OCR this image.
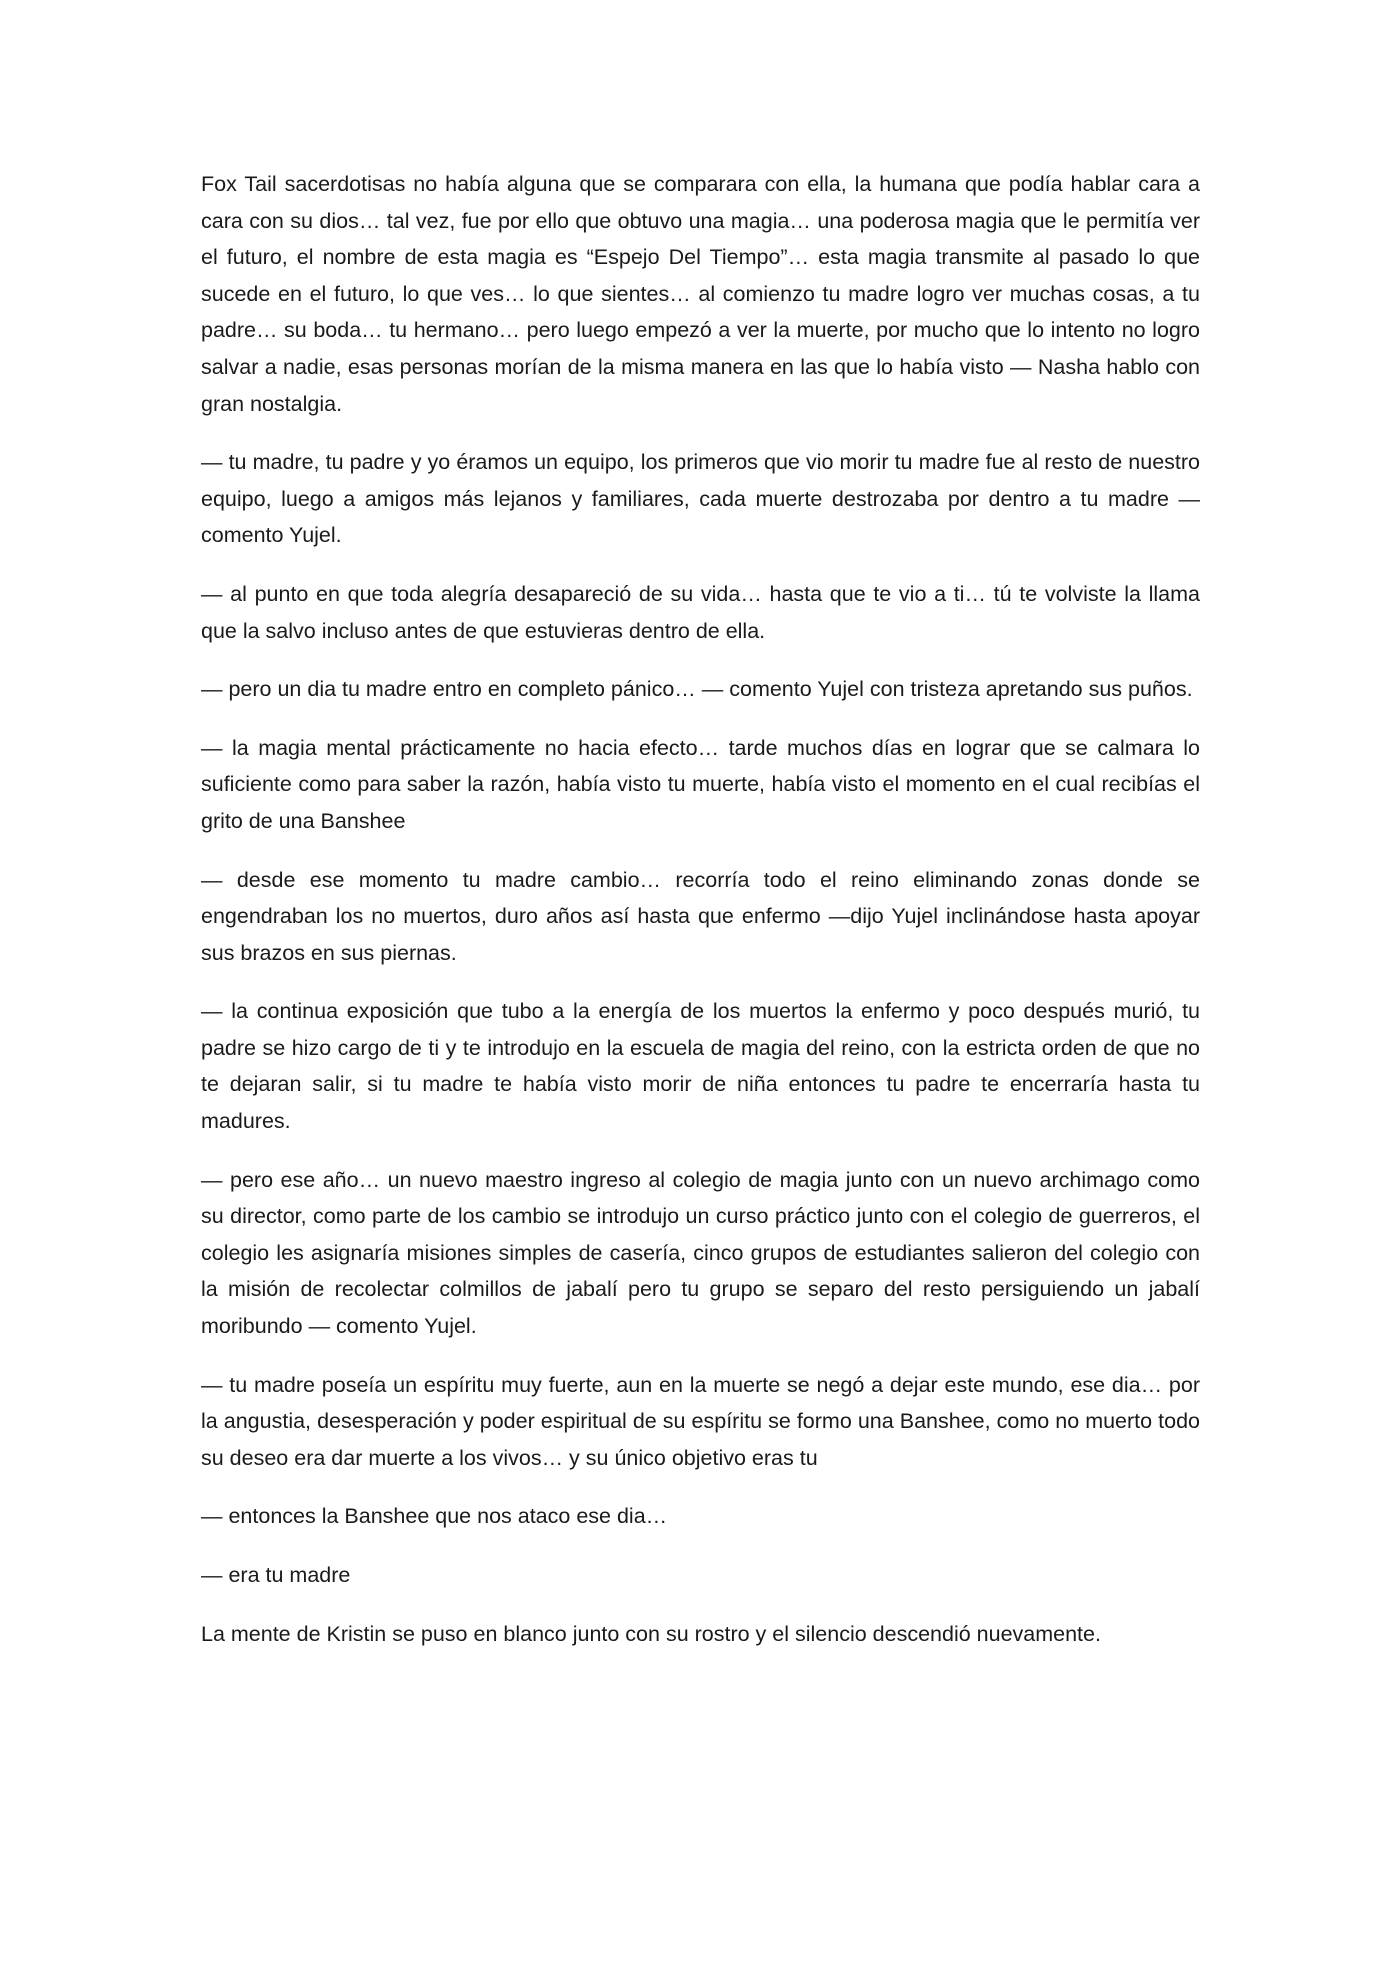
Fox Tail sacerdotisas no había alguna que se comparara con ella, la humana que podía hablar cara a cara con su dios… tal vez, fue por ello que obtuvo una magia… una poderosa magia que le permitía ver el futuro, el nombre de esta magia es “Espejo Del Tiempo”… esta magia transmite al pasado lo que sucede en el futuro, lo que ves… lo que sientes… al comienzo tu madre logro ver muchas cosas, a tu padre… su boda… tu hermano… pero luego empezó a ver la muerte, por mucho que lo intento no logro salvar a nadie, esas personas morían de la misma manera en las que lo había visto — Nasha hablo con gran nostalgia.

— tu madre, tu padre y yo éramos un equipo, los primeros que vio morir tu madre fue al resto de nuestro equipo, luego a amigos más lejanos y familiares, cada muerte destrozaba por dentro a tu madre — comento Yujel.

— al punto en que toda alegría desapareció de su vida… hasta que te vio a ti… tú te volviste la llama que la salvo incluso antes de que estuvieras dentro de ella.

— pero un dia tu madre entro en completo pánico… — comento Yujel con tristeza apretando sus puños.

— la magia mental prácticamente no hacia efecto… tarde muchos días en lograr que se calmara lo suficiente como para saber la razón, había visto tu muerte, había visto el momento en el cual recibías el grito de una Banshee

— desde ese momento tu madre cambio… recorría todo el reino eliminando zonas donde se engendraban los no muertos, duro años así hasta que enfermo —dijo Yujel inclinándose hasta apoyar sus brazos en sus piernas.

— la continua exposición que tubo a la energía de los muertos la enfermo y poco después murió, tu padre se hizo cargo de ti y te introdujo en la escuela de magia del reino, con la estricta orden de que no te dejaran salir, si tu madre te había visto morir de niña entonces tu padre te encerraría hasta tu madures.

— pero ese año… un nuevo maestro ingreso al colegio de magia junto con un nuevo archimago como su director, como parte de los cambio se introdujo un curso práctico junto con el colegio de guerreros, el colegio les asignaría misiones simples de casería, cinco grupos de estudiantes salieron del colegio con la misión de recolectar colmillos de jabalí pero tu grupo se separo del resto persiguiendo un jabalí moribundo — comento Yujel.

— tu madre poseía un espíritu muy fuerte, aun en la muerte se negó a dejar este mundo, ese dia… por la angustia, desesperación y poder espiritual de su espíritu se formo una Banshee, como no muerto todo su deseo era dar muerte a los vivos… y su único objetivo eras tu

— entonces la Banshee que nos ataco ese dia…

— era tu madre

La mente de Kristin se puso en blanco junto con su rostro y el silencio descendió nuevamente.
